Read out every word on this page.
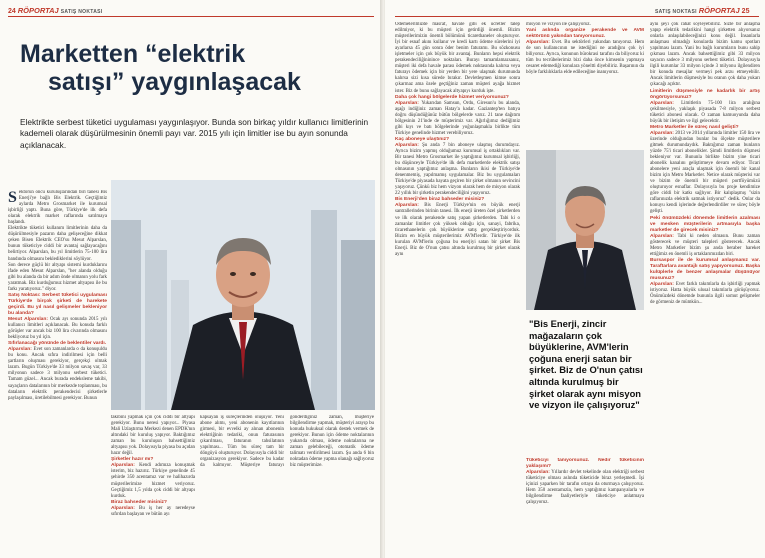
24 RÖPORTAJ SATIŞ NOKTASI
Marketten “elektrik
satışı” yaygınlaşacak
Elektrikte serbest tüketici uygulaması yaygınlaşıyor. Bunda son birkaç yıldır kullanıcı limitlerinin kademeli olarak düşürülmesinin önemli payı var. 2015 yılı için limitler ise bu ayın sonunda açıklanacak.

Sektörün öncü kuruluşlarından biri tanesi Bis Enerji'ye bağlı Bis Elektrik. Geçtiğimiz aylarda Metro Grosmarket ile kurumsal işbirliği yaptı. Buna göre, Türkiye'de ilk defa olarak elektrik market raflarında satılmaya başlandı.

Elektrikte tüketici kullanım limitlerinin daha da düşürülmesiyle pazarın daha gelişeceğine dikkat çeken Bisen Elektrik CEO'su Mesut Alparslan, bunun tüketiciye ciddi bir avantaj sağlayacağını belirtiyor. Alparslan, bu yıl limitlerin 75-100 lira bandında olmasını beklediklerini söylüyor.

Son derece güçlü bir altyapı sistemi kurduklarını ifade eden Mesut Alparslan, "her alanda olduğu gibi bu alanda da bir adım önde olmanın yolu fark yaratmak. Biz kurduğumuz hizmet altyapısı ile bu farkı yaratıyoruz." diyor.

Satış Noktası: Serbest tüketici uygulaması Türkiye'de birçok şirketi de harekete geçirdi. Bu yıl nasıl gelişmeler bekleniyor bu alanda?

Mesut Alparslan: Ocak ayı sonunda 2015 yılı kullanıcı limitleri açıklanacak. Bu konuda farklı görüşler var ancak biz 100 lira civarında olmasını bekliyoruz bu yıl için.

Sıfırlanacağı yönünde de beklentiler vardı.

Alparslan: Evet son zamanlarda o da konuşuldu bu konu. Ancak sıfıra indirilmesi için belli şartların oluşması gerekiyor, gerçekçi olmak lazım. Bugün Türkiye'de 33 milyon savaş var, 33 milyonun sadece 3 milyonu serbest tüketici. Tamam güzel... Ancak burada endeksleme takibi, sayaçların datalarının bir merkezde toplanması, bu dataların elektrik perakendecisi şirketlerle paylaşılması, üretilebilmesi gerekiyor. Bunun

takibini yapmak için çok ciddi bir altyapı gerekiyor. Bunu neresi yapıyor... Piyasa Mali Uzlaştırma Merkezi denen EPDK'nın altındaki bir kuruluş yapıyor. Baktığımız zaman bu kuruluşun bahsettiğimiz altyapısı yok. Dolayısıyla piyasa bu açıdan hazır değil.

Şirketler hazır mı?

Alparslan: Kendi adımıza konuşmak isterim, biz hazırız. Türkiye genelinde 45 şehirde 350 acentamız var ve halihazırda müşterilerimize hizmet veriyoruz. Geçtiğimiz 1,5 yılda çok ciddi bir altyapı kurduk.

Biraz bahseder misiniz?

Alparslan: Bu iş her ay neredeyse sıfırdan başlayan ve bütün ayı

kapsayan iş süreçlerinden oluşuyor. Yeni abone alımı, yeni abonenin kayıtlarının girmesi, bir evvelki ay alınan abonenin elektriğinin tedariki, onun faturasının çıkarılması, faturanın tahsilatının yapılması... Tüm bu süreç tam bir döngüyü oluşturuyor. Dolayısıyla ciddi bir organizasyon gerekiyor. Sadece bu kadar da kalmıyor. Müşteriye faturayı gönderdiğiniz zaman, müşteriye bilgilendirme yapmak, müşteriyi arayıp bu konuda hukuksal olarak destek vermek de gerekiyor. Bunun için ödeme noktalarının yukarıda olması, ödeme noktalarına ne zaman gelebileceği, otomatik ödeme talimatı verdirilmesi lazım. Şu anda 6 bin noktadan ödeme yapma olanağı sağlıyoruz biz müşterimize.

SATIŞ NOKTASI RÖPORTAJ 25

Ödemelerimizde masraf, havale gibi ek ücretler talep edilmiyor, ki bu müşteri için getirdiği önemli. Bizim müşterilerimizin önemli bölümünü ticarethaneler oluşturuyor. İyi bir esnaf akını kullanır ve kredi kartı ödeme sürelerini iyi ayarlarsa 45 gün sonra öder benim faturamı. Bu sözkonusu işletmeler için çok büyük bir avantaj. Bunların hepsi elektrik perakendeciliğininince noktaları. Burayı tamamlamazsanız, müşteri iki defa havale parası ödemek noktasında kalırsa veya faturayı ödemek için bir yerden bir yere ulaşmak durumunda kalırsa sizi kısa sürede bırakır. Devletleşmen kimse sonra çıkarmaz ama özele geçtiğiniz zaman müşteri ayağa hizmet ister. Biz de bunu sağlayacak altyapıyı kurduk işte.

Daha çok hangi bölgelerde hizmet veriyorsunuz?

Alparslan: Yukarıdan Samsun, Ordu, Giresun'u bu alanda, aşağı indiğiniz zaman Hatay'a kadar. Gaziantep'ten batıya doğru düşündüğünüz bütün bölgelerde varız. 21 tane dağıtım bölgesinin 21'inde de müşterimiz var. Ağırlığımız dediğimiz gibi kıyı ve batı bölgelerinde yoğunlaşmakla birlikte tüm Türkiye genelinde hizmet verebiliyoruz.

Kaç aboneye ulaştınız?

Alparslan: Şu anda 7 bin aboneye ulaşmış durumdayız. Ayrıca bizim yapmış olduğumuz kurumsal iş ortaklıkları var. Bir tanesi Metro Grosmarket ile yaptığımız kurumsal işbirliği, bu düşünceyle Türkiye'de ilk defa marketlerde elektrik satışı olmasının yaptığımız anlaşma. Bunların ikisi de Türkiye'de denenmemiş, yapılmamış uygulamalar. Biz bu uygulamaları Türkiye'de piyasada hayata geçiren bir şirket olmanın sevincini yaşıyoruz. Çünkü biz hem vizyon olarak hem de misyon olarak 22 yıllık bir şirketin perakendeciliğini yaşıyoruz.

Bis Enerji'den biraz bahseder misiniz?

Alparslan: Bis Enerji Türkiye'nin en büyük enerji santrallerinden birinin tanesi. İlk enerji üreten özel şirketlerden ve ilk olarak perakende satış yapan şirketlerden. Tabi ki o zamanlar limitler çok yüksek olduğu için, sanayi, fabrika, ticarethanelerin çok büyüklerine satış gerçekleştiriyorduk. Bizim en büyük müşterilerimiz AVM'lerdir. Türkiye'de ilk kurulan AVM'lerin çoğuna bu enerjiyi satan bir şirket Bis Enerji. Biz de O'nun çatısı altında kurulmuş bir şirket olarak aynı

misyon ve vizyon ile çalışıyoruz.

Yani aslında organize perakende ve AVM sektörünü yakından tanıyorsunuz.

Alparslan: Evet. Bu sektörleri yakından tanıyoruz. Hem de son kullanıcının ne istediğini ne aradığını çok iyi biliyoruz. Ayrıca, konunun bürokrasi tarafını da biliyoruz ki tüm bu tecrübelerimiz bizi daha önce kimsenin yapmaya cesaret edemediği konulara yöneltti diyebiliriz. Başarının da böyle farklılıklarla elde edileceğine inanıyoruz.

"Bis Enerji, zincir mağazaların çok büyüklerine, AVM'lerin çoğuna enerji satan bir şirket. Biz de O'nun çatısı altında kurulmuş bir şirket olarak aynı misyon ve vizyon ile çalışıyoruz"

Tüketiciyi tanıyorsunuz. Nedir tüketicinin yaklaşımı?

Alparslan: Yıllardır devlet tekelinde olan elektriği serbest tüketiciye olması aslında tüketicide biraz yerleşmedi. İşi içinizi yaparken bir tarafın ortaya da oturmaya çalışıyoruz. Hem 350 acentamızla, hem yaptığımız kampanyalarla ve bilgilendirme faaliyetleriyle tüketiciye anlatmaya çalışıyoruz.

aynı şeyi çok rahat söyleyebiliriz. Sizle bir anlaşma yapıp elektrik tedarikini hangi şirketten alıyorsanız onlarla anlaşılabileceğinizi konu değil. İnsanlarla anlaşması olmadığı konularda bizim kamu spotları yapılması lazım. Yani bu bağlı kurumların bunu sahip çıkması lazım. Ancak bahsettiğimiz gibi 33 milyon sayacın sadece 3 milyonu serbest tüketici. Dolayısıyla ilgili kurumlar 33 milyon içinde 3 milyonu ilgilendiren bir konuda mesajlar vermeyi pek arzu etmeyebilir. Ancak limitlerin düşmesiyle bu oranın çok daha yukarı çıkacağı açıktır.

Limitlerin düşmesiyle ne kadarlık bir artış öngörüyorsunuz?

Alparslan: Limitlerin 75-100 lira aralığına çekilmesiyle, yaklaşık piyasada 7-8 milyon serbest tüketici abonesi olacak. O zaman kamuoyunda daha büyük bir iletişim ve ilgi gelecektir.

Metro Marketler ile süreç nasıl gelişti?

Alparslan: 2013 ve 2014 yıllarında limitler 150 lira ve üzerinde olduğundan bunlar bu ölçekte müşterilere gitmek durumundaydık. Baktığımız zaman bunların yüzde 75'i ticari abonelikler. Şimdi limitlerin düşmesi bekleniyor var. Bununla birlikte bizim yine ticari abonelik kanalını geliştirmeye devam ediyor. Ticari abonelere yeni araçla ulaşmak için önemli bir kanal bizim için Metro Marketler. Netice olarak müşterisi var ve bizim de önemli bir müşteri portföyümüzü oluşturuyor esnaflar. Dolayısıyla bu proje kendimize göre ciddi bir katkı sağlıyor. Bir kalıplaşmış "sizin raflarınızda elektrik satmak istiyoruz" dedik. Onlar da konuyu kendi işlerinde değerlendirdiler ve süreç böyle gelişti.

Peki önümüzdeki dönemde limitlerin azalması ve mesken müşterilerin artmasıyla başka marketler de girecek misiniz?

Alparslan: Tabi ki neden olmasın. Bunu zaman gösterecek ve müşteri talepleri gösterecek. Ancak Metro Marketler bizim şu anda beraber hareket ettiğimiz en önemli iş ortaklarımızdan biri.

Bursaspor ile de kurumsal anlaşmanız var. Taraftarlara avantajlı satış yapıyorsunuz. Başka kulüplerle de benzer anlaşmalar düşünüyor musunuz?

Alparslan: Evet farklı takımlarla da işbirliği yapmak istiyoruz. Hatta büyük ulusal takımlarla görüşüyoruz. Önümüzdeki dönemde bununla ilgili somut gelişmeler de görmeniz de mümkün...
